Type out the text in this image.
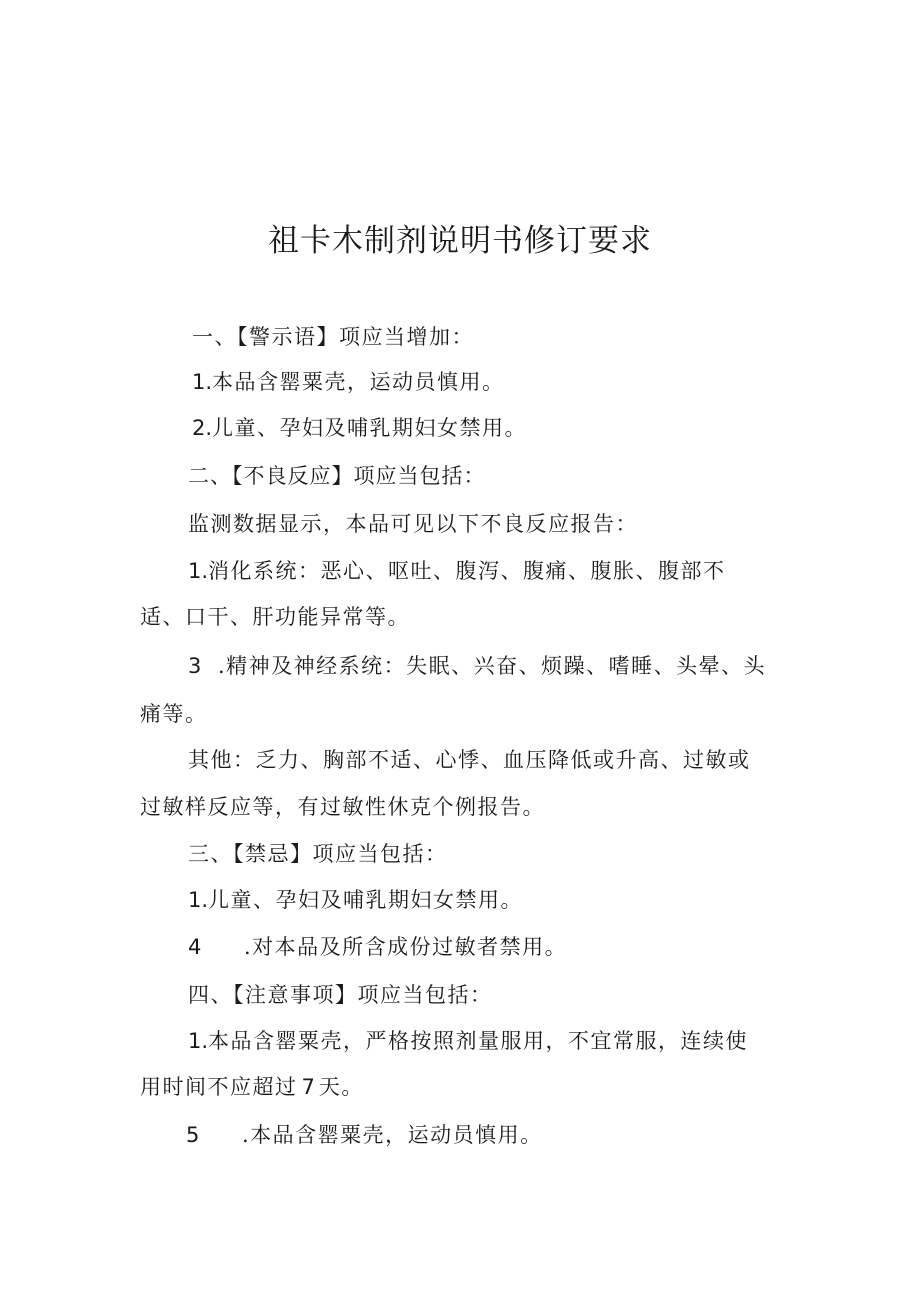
祖卡木制剂说明书修订要求
一、【警示语】项应当增加：
1.本品含罂粟壳，运动员慎用。
2.儿童、孕妇及哺乳期妇女禁用。
二、【不良反应】项应当包括：
监测数据显示，本品可见以下不良反应报告：
1.消化系统：恶心、呕吐、腹泻、腹痛、腹胀、腹部不
适、口干、肝功能异常等。
3 .精神及神经系统：失眠、兴奋、烦躁、嗜睡、头晕、头
痛等。
其他：乏力、胸部不适、心悸、血压降低或升高、过敏或
过敏样反应等，有过敏性休克个例报告。
三、【禁忌】项应当包括：
1.儿童、孕妇及哺乳期妇女禁用。
4 .对本品及所含成份过敏者禁用。
四、【注意事项】项应当包括：
1.本品含罂粟壳，严格按照剂量服用，不宜常服，连续使
用时间不应超过 7 天。
5 .本品含罂粟壳，运动员慎用。
